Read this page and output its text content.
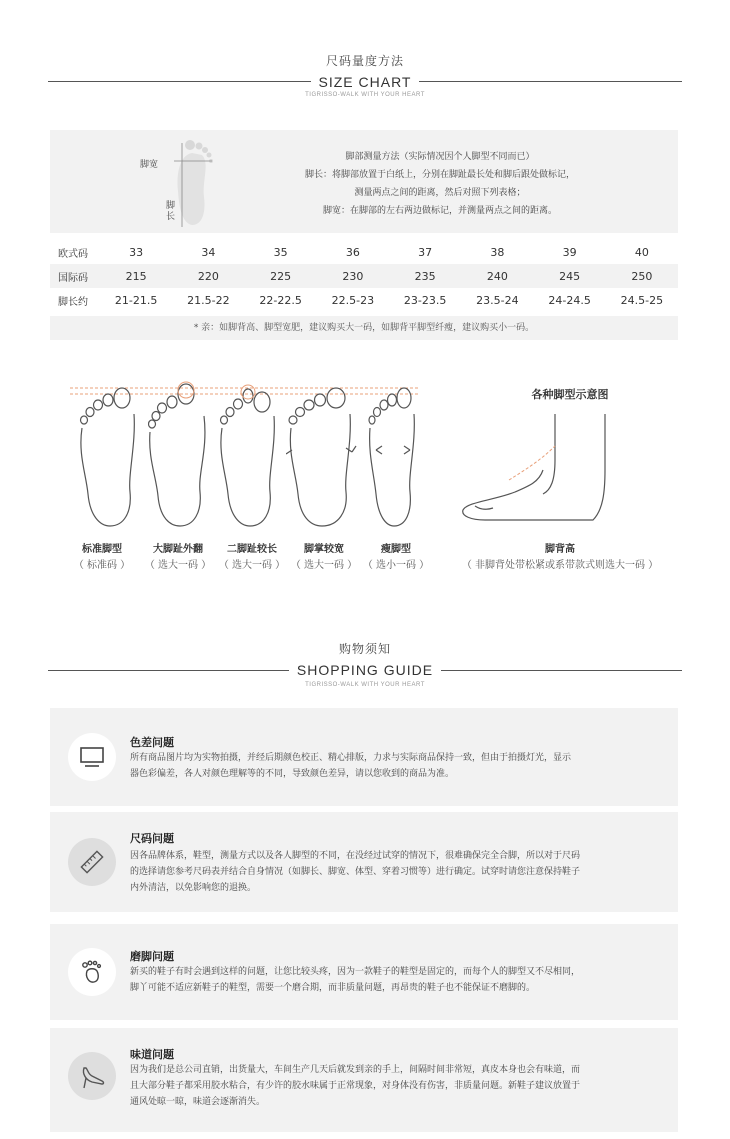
尺码量度方法
SIZE CHART
TIGRISSO-WALK WITH YOUR HEART
脚宽
脚长
脚部测量方法（实际情况因个人脚型不同而已）
脚长：将脚部放置于白纸上，分别在脚趾最长处和脚后跟处做标记，
测量两点之间的距离，然后对照下列表格；
脚宽：在脚部的左右两边做标记，并测量两点之间的距离。
欧式码	33	34	35	36	37	38	39	40
国际码	215	220	225	230	235	240	245	250
脚长约	21-21.5	21.5-22	22-22.5	22.5-23	23-23.5	23.5-24	24-24.5	24.5-25
* 亲：如脚背高、脚型宽肥，建议购买大一码，如脚背平脚型纤瘦，建议购买小一码。
标准脚型
（ 标准码 ）
大脚趾外翻
（ 选大一码 ）
二脚趾较长
（ 选大一码 ）
脚掌较宽
（ 选大一码 ）
瘦脚型
（ 选小一码 ）
各种脚型示意图
脚背高
（ 非脚背处带松紧或系带款式则选大一码 ）
购物须知
SHOPPING GUIDE
TIGRISSO-WALK WITH YOUR HEART
色差问题
所有商品图片均为实物拍摄，并经后期颜色校正、精心排版，力求与实际商品保持一致，但由于拍摄灯光，显示
器色彩偏差，各人对颜色理解等的不同，导致颜色差异，请以您收到的商品为准。
尺码问题
因各品牌体系，鞋型，测量方式以及各人脚型的不同，在没经过试穿的情况下，很难确保完全合脚，所以对于尺码
的选择请您参考尺码表并结合自身情况（如脚长、脚宽、体型、穿着习惯等）进行确定。试穿时请您注意保持鞋子
内外清洁，以免影响您的退换。
磨脚问题
新买的鞋子有时会遇到这样的问题，让您比较头疼，因为一款鞋子的鞋型是固定的，而每个人的脚型又不尽相同，
脚丫可能不适应新鞋子的鞋型，需要一个磨合期，而非质量问题，再昂贵的鞋子也不能保证不磨脚的。
味道问题
因为我们是总公司直销，出货量大，车间生产几天后就发到亲的手上，间隔时间非常短，真皮本身也会有味道，而
且大部分鞋子都采用胶水粘合，有少许的胶水味属于正常现象，对身体没有伤害，非质量问题。新鞋子建议放置于
通风处晾一晾，味道会逐渐消失。
